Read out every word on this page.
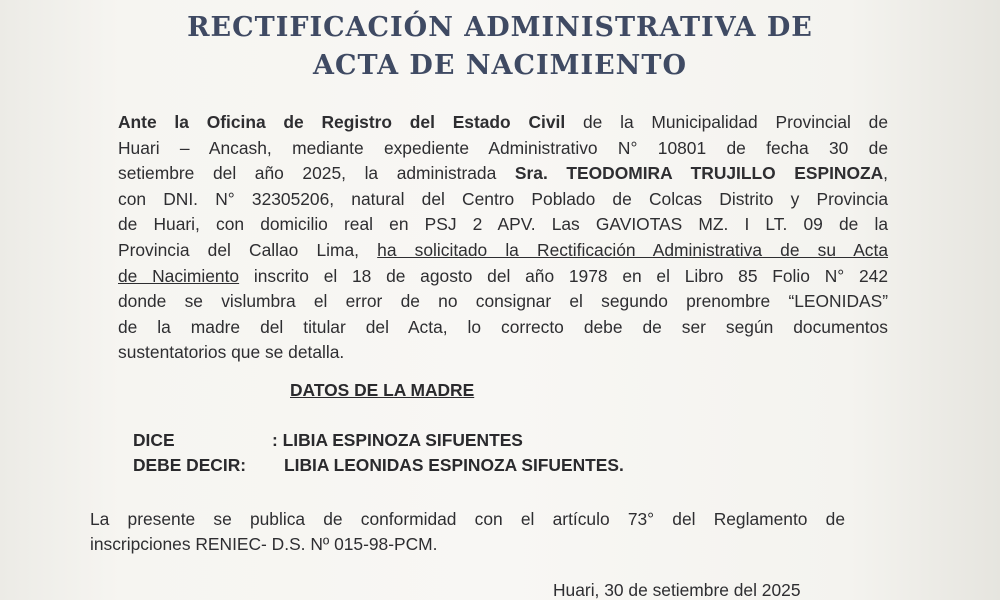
RECTIFICACIÓN ADMINISTRATIVA DE
ACTA DE NACIMIENTO
Ante la Oficina de Registro del Estado Civil de la Municipalidad Provincial de
Huari – Ancash, mediante expediente Administrativo N° 10801 de fecha 30 de
setiembre del año 2025, la administrada Sra. TEODOMIRA TRUJILLO ESPINOZA,
con DNI. N° 32305206, natural del Centro Poblado de Colcas Distrito y Provincia
de Huari, con domicilio real en PSJ 2 APV. Las GAVIOTAS MZ. I LT. 09 de la
Provincia del Callao Lima, ha solicitado la Rectificación Administrativa de su Acta
de Nacimiento inscrito el 18 de agosto del año 1978 en el Libro 85 Folio N° 242
donde se vislumbra el error de no consignar el segundo prenombre “LEONIDAS”
de la madre del titular del Acta, lo correcto debe de ser según documentos
sustentatorios que se detalla.
DATOS DE LA MADRE
DICE	: LIBIA ESPINOZA SIFUENTES
DEBE DECIR: LIBIA LEONIDAS ESPINOZA SIFUENTES.
La presente se publica de conformidad con el artículo 73° del Reglamento de
inscripciones RENIEC- D.S. Nº 015-98-PCM.
Huari, 30 de setiembre del 2025
